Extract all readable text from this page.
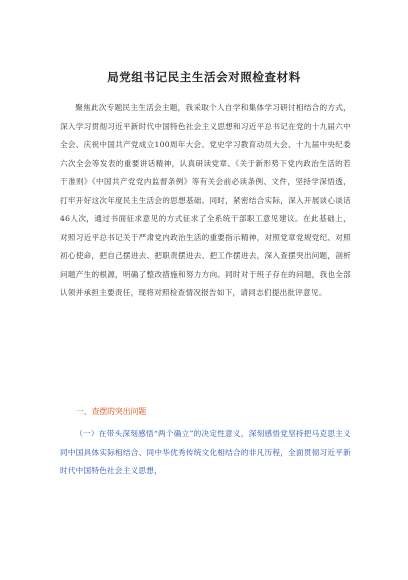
局党组书记民主生活会对照检查材料

聚焦此次专题民主生活会主题，我采取个人自学和集体学习研讨相结合的方式，深入学习贯彻习近平新时代中国特色社会主义思想和习近平总书记在党的十九届六中全会、庆祝中国共产党成立100周年大会、党史学习教育动员大会、十九届中央纪委六次全会等发表的重要讲话精神，认真研读党章、《关于新形势下党内政治生活的若干准则》《中国共产党党内监督条例》等有关会前必读条例、文件，坚持学深悟透，打牢开好这次年度民主生活会的思想基础。同时，紧密结合实际，深入开展谈心谈话46人次，通过书面征求意见的方式征求了全系统干部职工意见建议。在此基础上，对照习近平总书记关于严肃党内政治生活的重要指示精神，对照党章党规党纪、对照初心使命，把自己摆进去、把职责摆进去、把工作摆进去，深入查摆突出问题，剖析问题产生的根源，明确了整改措施和努力方向。同时对于班子存在的问题，我也全部认领并承担主要责任，现将对照检查情况报告如下，请同志们提出批评意见。

一、查摆的突出问题

（一）在带头深刻感悟“两个确立”的决定性意义，深刻感悟党坚持把马克思主义同中国具体实际相结合、同中华优秀传统文化相结合的非凡历程，全面贯彻习近平新时代中国特色社会主义思想，
